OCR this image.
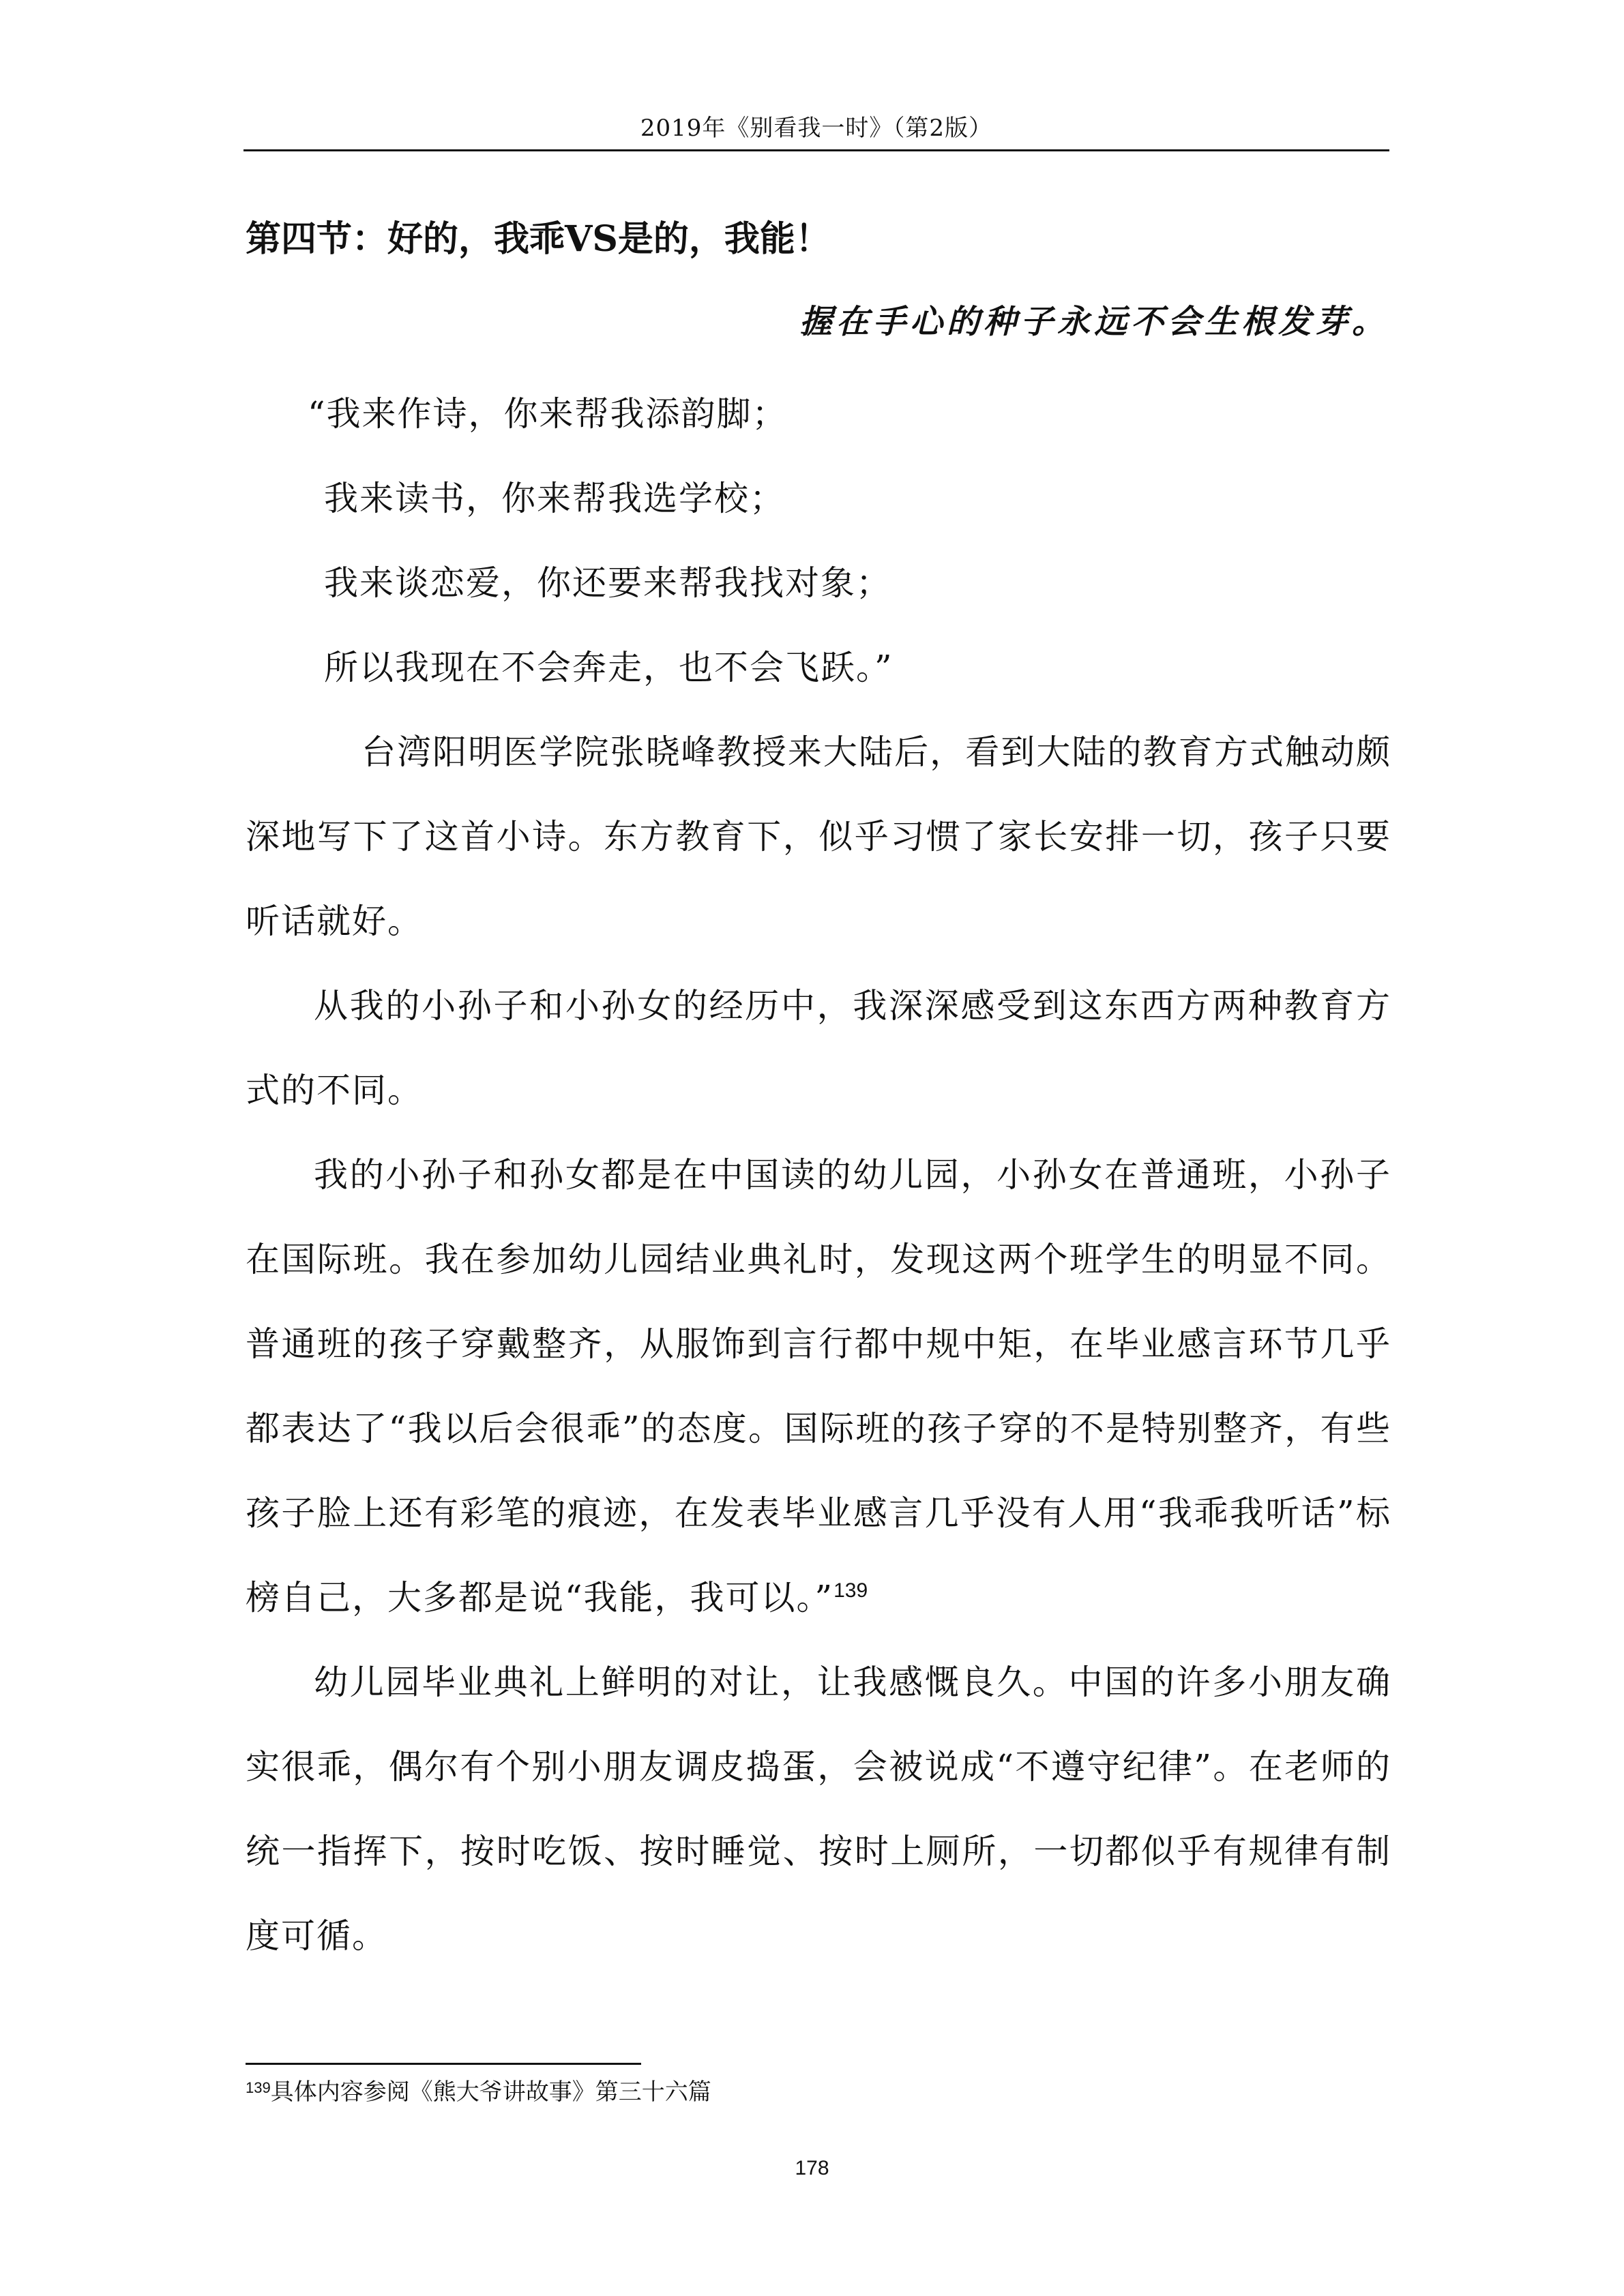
2019年《别看我一时》（第2版）
第四节：好的，我乖VS是的，我能！
握在手心的种子永远不会生根发芽。
“我来作诗，你来帮我添韵脚；
我来读书，你来帮我选学校；
我来谈恋爱，你还要来帮我找对象；
所以我现在不会奔走，也不会飞跃。”

台湾阳明医学院张晓峰教授来大陆后，看到大陆的教育方式触动颇深地写下了这首小诗。东方教育下，似乎习惯了家长安排一切，孩子只要听话就好。

从我的小孙子和小孙女的经历中，我深深感受到这东西方两种教育方式的不同。

我的小孙子和孙女都是在中国读的幼儿园，小孙女在普通班，小孙子在国际班。我在参加幼儿园结业典礼时，发现这两个班学生的明显不同。普通班的孩子穿戴整齐，从服饰到言行都中规中矩，在毕业感言环节几乎都表达了“我以后会很乖”的态度。国际班的孩子穿的不是特别整齐，有些孩子脸上还有彩笔的痕迹，在发表毕业感言几乎没有人用“我乖我听话”标榜自己，大多都是说“我能，我可以。”$^{139}$

幼儿园毕业典礼上鲜明的对让，让我感慨良久。中国的许多小朋友确实很乖，偶尔有个别小朋友调皮捣蛋，会被说成“不遵守纪律”。在老师的统一指挥下，按时吃饭、按时睡觉、按时上厕所，一切都似乎有规律有制度可循。

$^{139}$具体内容参阅《熊大爷讲故事》第三十六篇
178
